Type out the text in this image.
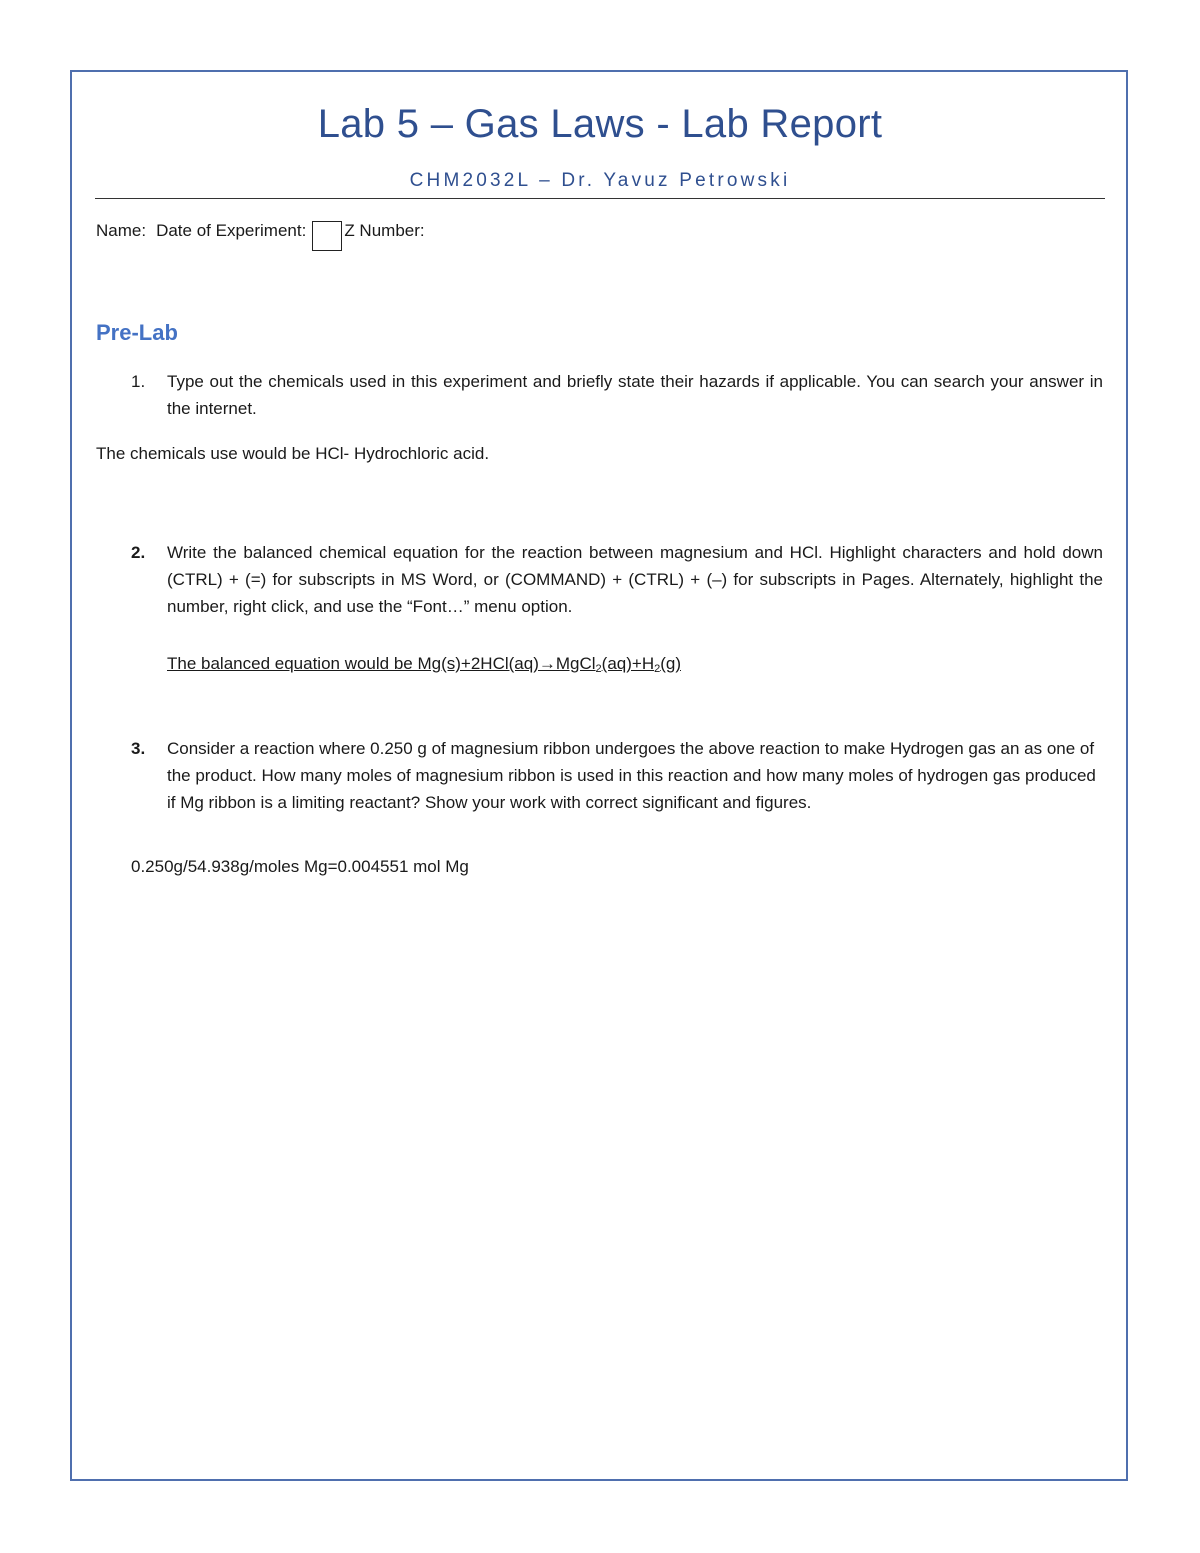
Lab 5 – Gas Laws - Lab Report
CHM2032L – Dr. Yavuz Petrowski
Name: Date of Experiment: Z Number:
Pre-Lab
1. Type out the chemicals used in this experiment and briefly state their hazards if applicable. You can search your answer in the internet.
The chemicals use would be HCl- Hydrochloric acid.
2. Write the balanced chemical equation for the reaction between magnesium and HCl. Highlight characters and hold down (CTRL) + (=) for subscripts in MS Word, or (COMMAND) + (CTRL) + (–) for subscripts in Pages. Alternately, highlight the number, right click, and use the “Font…” menu option.
The balanced equation would be $Mg(s)+2HCl(aq)\to MgCl_2(aq)+H_2(g)$
3. Consider a reaction where 0.250 g of magnesium ribbon undergoes the above reaction to make Hydrogen gas an as one of the product. How many moles of magnesium ribbon is used in this reaction and how many moles of hydrogen gas produced if Mg ribbon is a limiting reactant? Show your work with correct significant and figures.
0.250g/54.938g/moles Mg=0.004551 mol Mg
